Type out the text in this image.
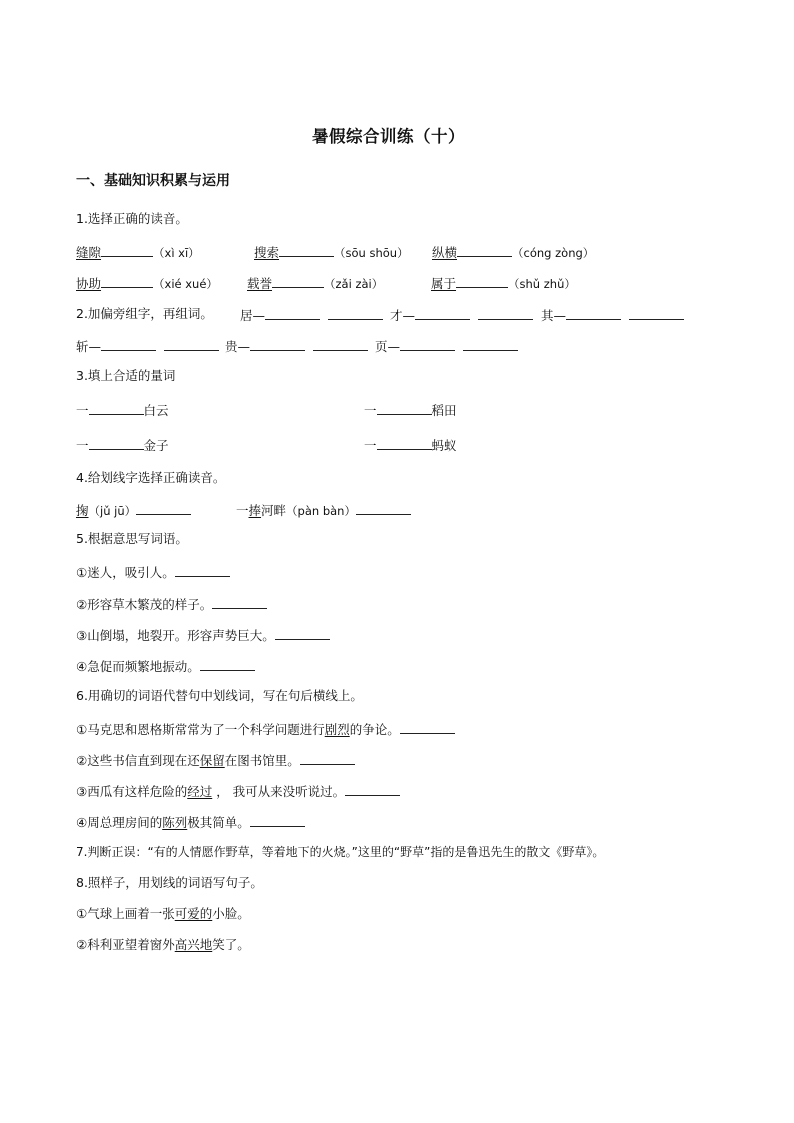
暑假综合训练（十）
一、基础知识积累与运用
1.选择正确的读音。
缝隙	（xì xī）	搜索	（sōu shōu） 纵横	（cóng zòng）
协助	（xié xué） 载誉	（zǎi zài）	属于	（shǔ zhǔ）
2.加偏旁组字，再组词。 居—	才—	其—
斩—	贵—	页—
3.填上合适的量词
一	白云	一	稻田
一	金子	一	蚂蚁
4.给划线字选择正确读音。
掬（jǔ jū）	一捧河畔（pàn bàn）
5.根据意思写词语。
①迷人，吸引人。
②形容草木繁茂的样子。
③山倒塌，地裂开。形容声势巨大。
④急促而频繁地振动。
6.用确切的词语代替句中划线词，写在句后横线上。
①马克思和恩格斯常常为了一个科学问题进行剧烈的争论。
②这些书信直到现在还保留在图书馆里。
③西瓜有这样危险的经过 ， 我可从来没听说过。
④周总理房间的陈列极其简单。
7.判断正误：“有的人情愿作野草，等着地下的火烧。”这里的“野草”指的是鲁迅先生的散文《野草》。
8.照样子，用划线的词语写句子。
①气球上画着一张可爱的小脸。
②科利亚望着窗外高兴地笑了。
